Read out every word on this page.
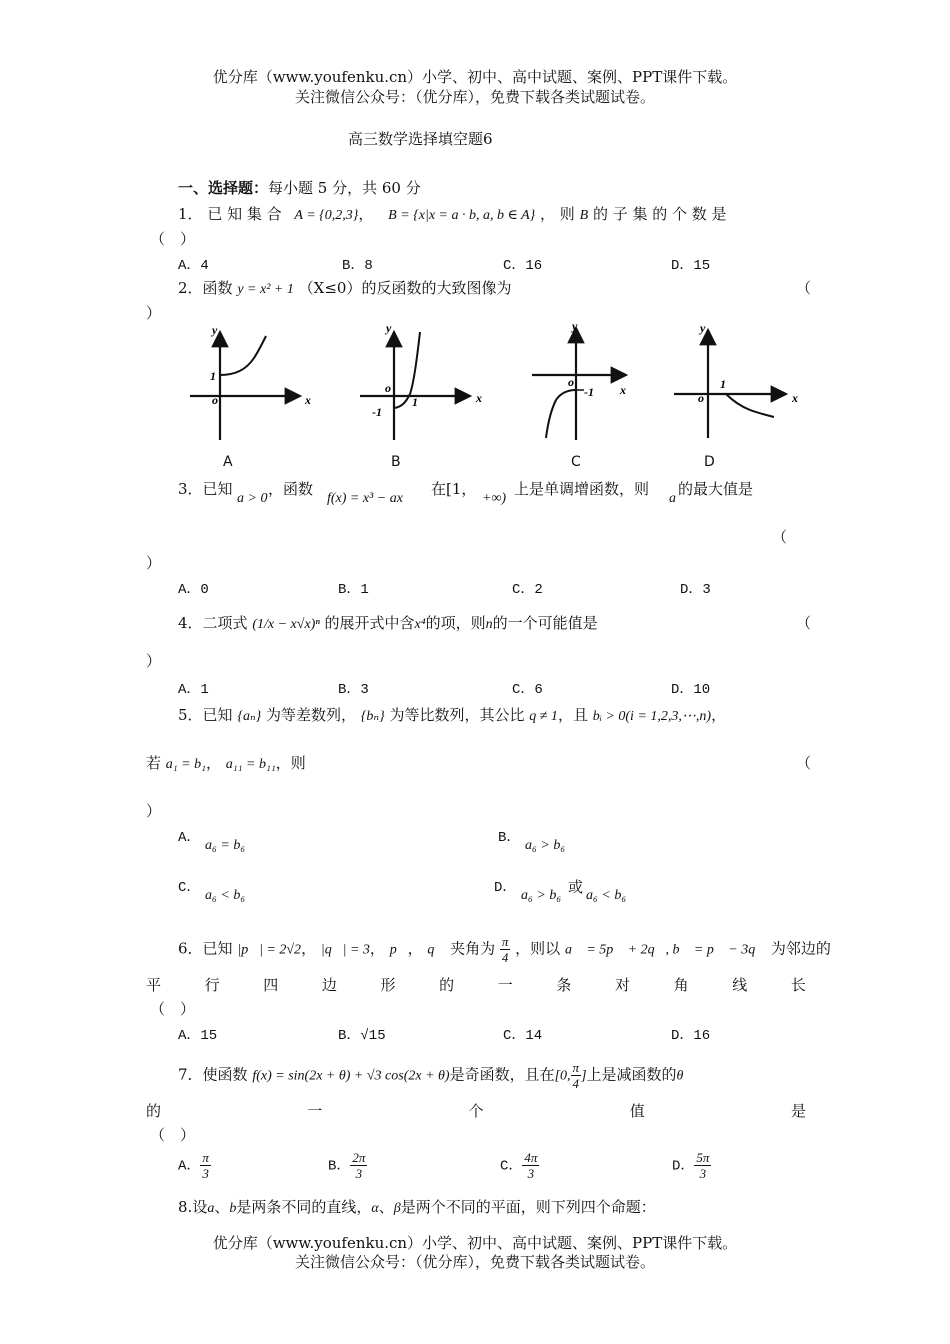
优分库（www.youfenku.cn）小学、初中、高中试题、案例、PPT课件下载。
关注微信公众号：（优分库），免费下载各类试题试卷。
高三数学选择填空题6
一、选择题：每小题 5 分，共 60 分
1． 已 知 集 合 A = {0,2,3}， B = {x|x = a · b, a, b ∈ A} ， 则 B 的 子 集 的 个 数 是
（　）
A．4	B．8	C．16	D．15
2．函数 y = x² + 1 （X≤0）的反函数的大致图像为	（
）
x
y
1
o	x
y
-1
1
o	x
y
-1
o
x
y
1
o
A	B	C	D
3．已知
a > 0
，函数
f(x) = x³ − ax
在[1，
+∞)
上是单调增函数，则
a
的最大值是
（
）
A．0	B．1	C．2	D．3
4．二项式 (1/x − x√x)ⁿ 的展开式中含x⁴的项，则n的一个可能值是	（
）
A．1	B．3	C．6	D．10
5．已知 {aₙ} 为等差数列， {bₙ} 为等比数列，其公比 q ≠ 1，且 bᵢ > 0(i = 1,2,3,⋯,n)，
若 a₁ = b₁， a₁₁ = b₁₁，则	（
）
A． a₆ = b₆	B． a₆ > b₆
C． a₆ < b₆	D． a₆ > b₆ 或 a₆ < b₆
6．已知 |p⃗| = 2√2， |q⃗| = 3， p⃗， q⃗ 夹角为 $\frac{\pi}{4}$ ，则以 a⃗ = 5p⃗ + 2q⃗, b⃗ = p⃗ − 3q⃗ 为邻边的
平	行	四	边	形	的	一	条	对	角	线	长
（　）
A．15	B．√15	C．14	D．16
7．使函数 f(x) = sin(2x + θ) + √3 cos(2x + θ)是奇函数，且在[0, $\frac{\pi}{4}$ ]上是减函数的θ
的	一	个	值	是
（　）
A． $\frac{\pi}{3}$	B． $\frac{2\pi}{3}$	C． $\frac{4\pi}{3}$	D． $\frac{5\pi}{3}$
8.设a、b是两条不同的直线，α、β是两个不同的平面，则下列四个命题：
优分库（www.youfenku.cn）小学、初中、高中试题、案例、PPT课件下载。
关注微信公众号：（优分库），免费下载各类试题试卷。
